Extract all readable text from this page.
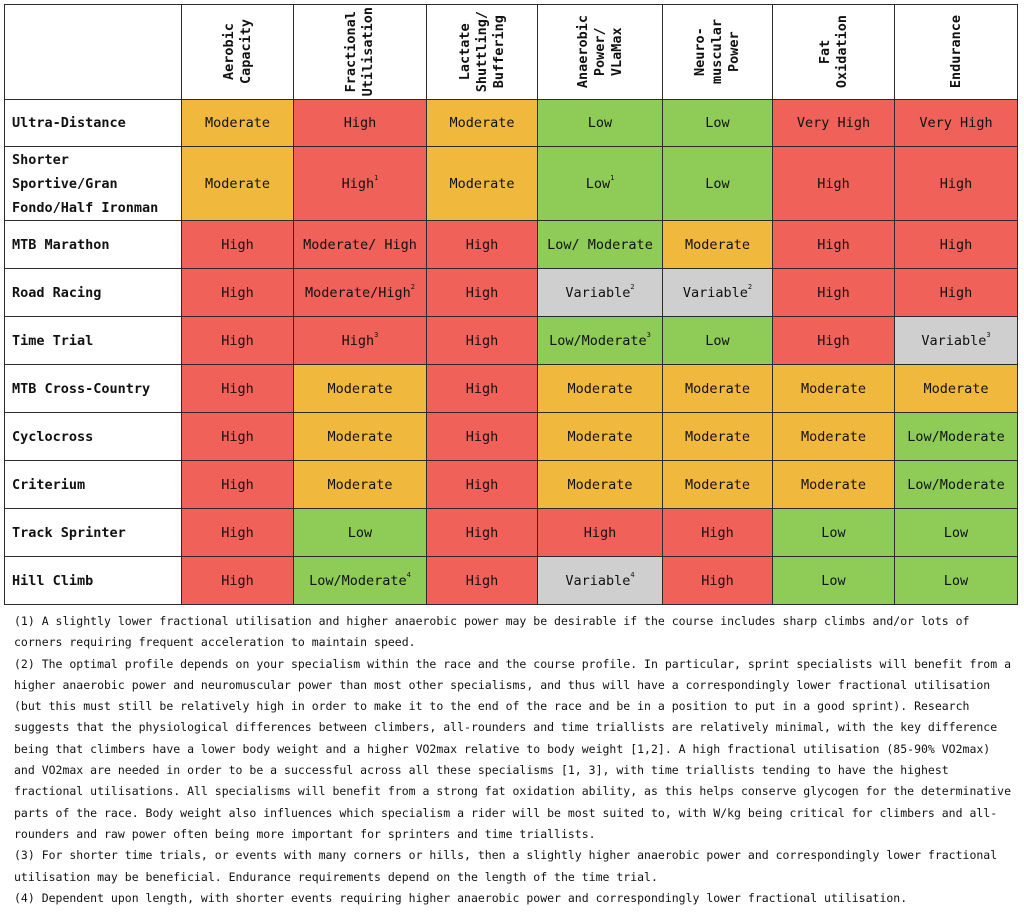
	Aerobic
Capacity	Fractional
Utilisation	Lactate
Shuttling/
Buffering	Anaerobic
Power/
VLaMax	Neuro-
muscular
Power	Fat
Oxidation	Endurance

Ultra-Distance	Moderate	High	Moderate	Low	Low	Very High	Very High
Shorter
Sportive/Gran
Fondo/Half Ironman	Moderate	High$^1$	Moderate	Low$^1$	Low	High	High
MTB Marathon	High	Moderate/ High	High	Low/ Moderate	Moderate	High	High
Road Racing	High	Moderate/High$^2$	High	Variable$^2$	Variable$^2$	High	High
Time Trial	High	High$^3$	High	Low/Moderate$^3$	Low	High	Variable$^3$
MTB Cross-Country	High	Moderate	High	Moderate	Moderate	Moderate	Moderate
Cyclocross	High	Moderate	High	Moderate	Moderate	Moderate	Low/Moderate
Criterium	High	Moderate	High	Moderate	Moderate	Moderate	Low/Moderate
Track Sprinter	High	Low	High	High	High	Low	Low
Hill Climb	High	Low/Moderate$^4$	High	Variable$^4$	High	Low	Low

(1) A slightly lower fractional utilisation and higher anaerobic power may be desirable if the course includes sharp climbs and/or lots of corners requiring frequent acceleration to maintain speed.

(2) The optimal profile depends on your specialism within the race and the course profile. In particular, sprint specialists will benefit from a higher anaerobic power and neuromuscular power than most other specialisms, and thus will have a correspondingly lower fractional utilisation (but this must still be relatively high in order to make it to the end of the race and be in a position to put in a good sprint). Research suggests that the physiological differences between climbers, all-rounders and time triallists are relatively minimal, with the key difference being that climbers have a lower body weight and a higher VO2max relative to body weight [1,2]. A high fractional utilisation (85-90% VO2max) and VO2max are needed in order to be a successful across all these specialisms [1, 3], with time triallists tending to have the highest fractional utilisations. All specialisms will benefit from a strong fat oxidation ability, as this helps conserve glycogen for the determinative parts of the race. Body weight also influences which specialism a rider will be most suited to, with W/kg being critical for climbers and all-rounders and raw power often being more important for sprinters and time triallists.

(3) For shorter time trials, or events with many corners or hills, then a slightly higher anaerobic power and correspondingly lower fractional utilisation may be beneficial. Endurance requirements depend on the length of the time trial.

(4) Dependent upon length, with shorter events requiring higher anaerobic power and correspondingly lower fractional utilisation.
